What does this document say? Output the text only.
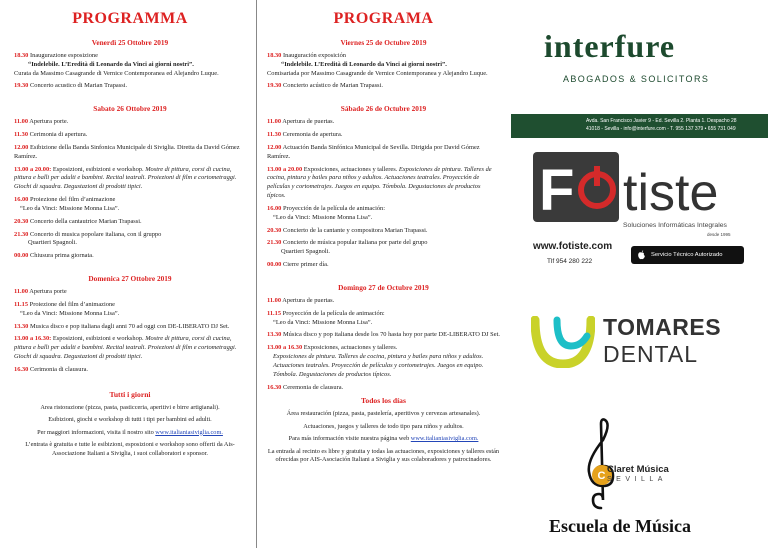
PROGRAMMA
Venerdì 25 Ottobre 2019
18.30 Inaugurazione esposizione
“Indelebile. L’Eredità di Leonardo da Vinci ai giorni nostri”.
Curata da Massimo Casagrande di Vernice Contemporanea ed Alejandro Luque.
19.30 Concerto acustico di Marian Trapassi.
Sabato 26 Ottobre 2019
11.00 Apertura porte.
11.30 Cerimonia di apertura.
12.00 Esibizione della Banda Sinfonica Municipale di Siviglia. Diretta da David Gómez Ramírez.
13.00 a 20.00: Esposizioni, esibizioni e workshop. Mostre di pittura, corsi di cucina, pittura e balli per adulti e bambini. Recital teatrali. Proiezioni di film e cortometraggi. Giochi di squadra. Degustazioni di prodotti tipici.
16.00 Proiezione del film d’animazione
“Leo da Vinci: Missione Monna Lisa”.
20.30 Concerto della cantautrice Marian Trapassi.
21.30 Concerto di musica popolare italiana, con il gruppo
Quartieri Spagnoli.
00.00 Chiusura prima giornata.
Domenica 27 Ottobre 2019
11.00 Apertura porte
11.15 Proiezione del film d’animazione
“Leo da Vinci: Missione Monna Lisa”.
13.30 Musica disco e pop italiana dagli anni 70 ad oggi con DE-LIBERATO DJ Set.
13.00 a 16.30: Esposizioni, esibizioni e workshop. Mostre di pittura, corsi di cucina, pittura e balli per adulti e bambini. Recital teatrali. Proiezioni di film e cortometraggi. Giochi di squadra. Degustazioni di prodotti tipici.
16.30 Cerimonia di clausura.
Tutti i giorni
Area ristorazione (pizza, pasta, pasticceria, aperitivi e birre artigianali).
Esibizioni, giochi e workshop di tutti i tipi per bambini ed adulti.
Per maggiori informazioni, visita il nostro sito www.italianiasiviglia.com.
L’entrata è gratuita e tutte le esibizioni, esposizioni e workshop sono offerti da Ais-Associazione Italiani a Siviglia, i suoi collaboratori e sponsor.
PROGRAMA
Viernes 25 de Octubre 2019
18.30 Inauguración exposición
“Indelebile. L’Eredità di Leonardo da Vinci ai giorni nostri”.
Comisariada por Massimo Casagrande de Vernice Contemporanea y Alejandro Luque.
19.30 Concierto acústico de Marian Trapassi.
Sábado 26 de Octubre 2019
11.00 Apertura de puertas.
11.30 Ceremonia de apertura.
12.00 Actuación Banda Sinfónica Municipal de Sevilla. Dirigida por David Gómez Ramírez.
13.00 a 20.00 Exposiciones, actuaciones y talleres. Exposiciones de pintura. Talleres de cocina, pintura y bailes para niños y adultos. Actuaciones teatrales. Proyección de películas y cortometrajes. Juegos en equipo. Tómbola. Degustaciones de productos típicos.
16.00 Proyección de la película de animación:
“Leo da Vinci: Missione Monna Lisa”.
20.30 Concierto de la cantante y compositora Marian Trapassi.
21.30 Concierto de música popular italiana por parte del grupo
Quartieri Spagnoli.
00.00 Cierre primer día.
Domingo 27 de Octubre 2019
11.00 Apertura de puertas.
11.15 Proyección de la película de animación:
“Leo da Vinci: Missione Monna Lisa”.
13.30 Música disco y pop italiana desde los 70 hasta hoy por parte DE-LIBERATO DJ Set.
13.00 a 16.30 Exposiciones, actuaciones y talleres.
Exposiciones de pintura. Talleres de cocina, pintura y bailes para niños y adultos. Actuaciones teatrales. Proyección de películas y cortometrajes. Juegos en equipo. Tómbola. Degustaciones de productos típicos.
16.30 Ceremonia de clausura.
Todos los días
Área restauración (pizza, pasta, pastelería, aperitivos y cervezas artesanales).
Actuaciones, juegos y talleres de todo tipo para niños y adultos.
Para más información visite nuestra página web www.italianiasiviglia.com.
La entrada al recinto es libre y gratuita y todas las actuaciones, exposiciones y talleres están ofrecidas por AIS-Asociación Italiani a Siviglia y sus colaboradores y patrocinadores.
interfure
ABOGADOS & SOLICITORS
Avda. San Francisco Javier 9 - Ed. Sevilla 2. Planta 1. Despacho 28
41018 - Sevilla - info@interfure.com - T. 955 137 379 • 655 731 049
F tiste
Soluciones Informáticas Integrales
desde 1995
www.fotiste.com
Tlf 954 280 222
Servicio Técnico Autorizado
TOMARES
DENTAL
C
Claret Música
SEVILLA
Escuela de Música
